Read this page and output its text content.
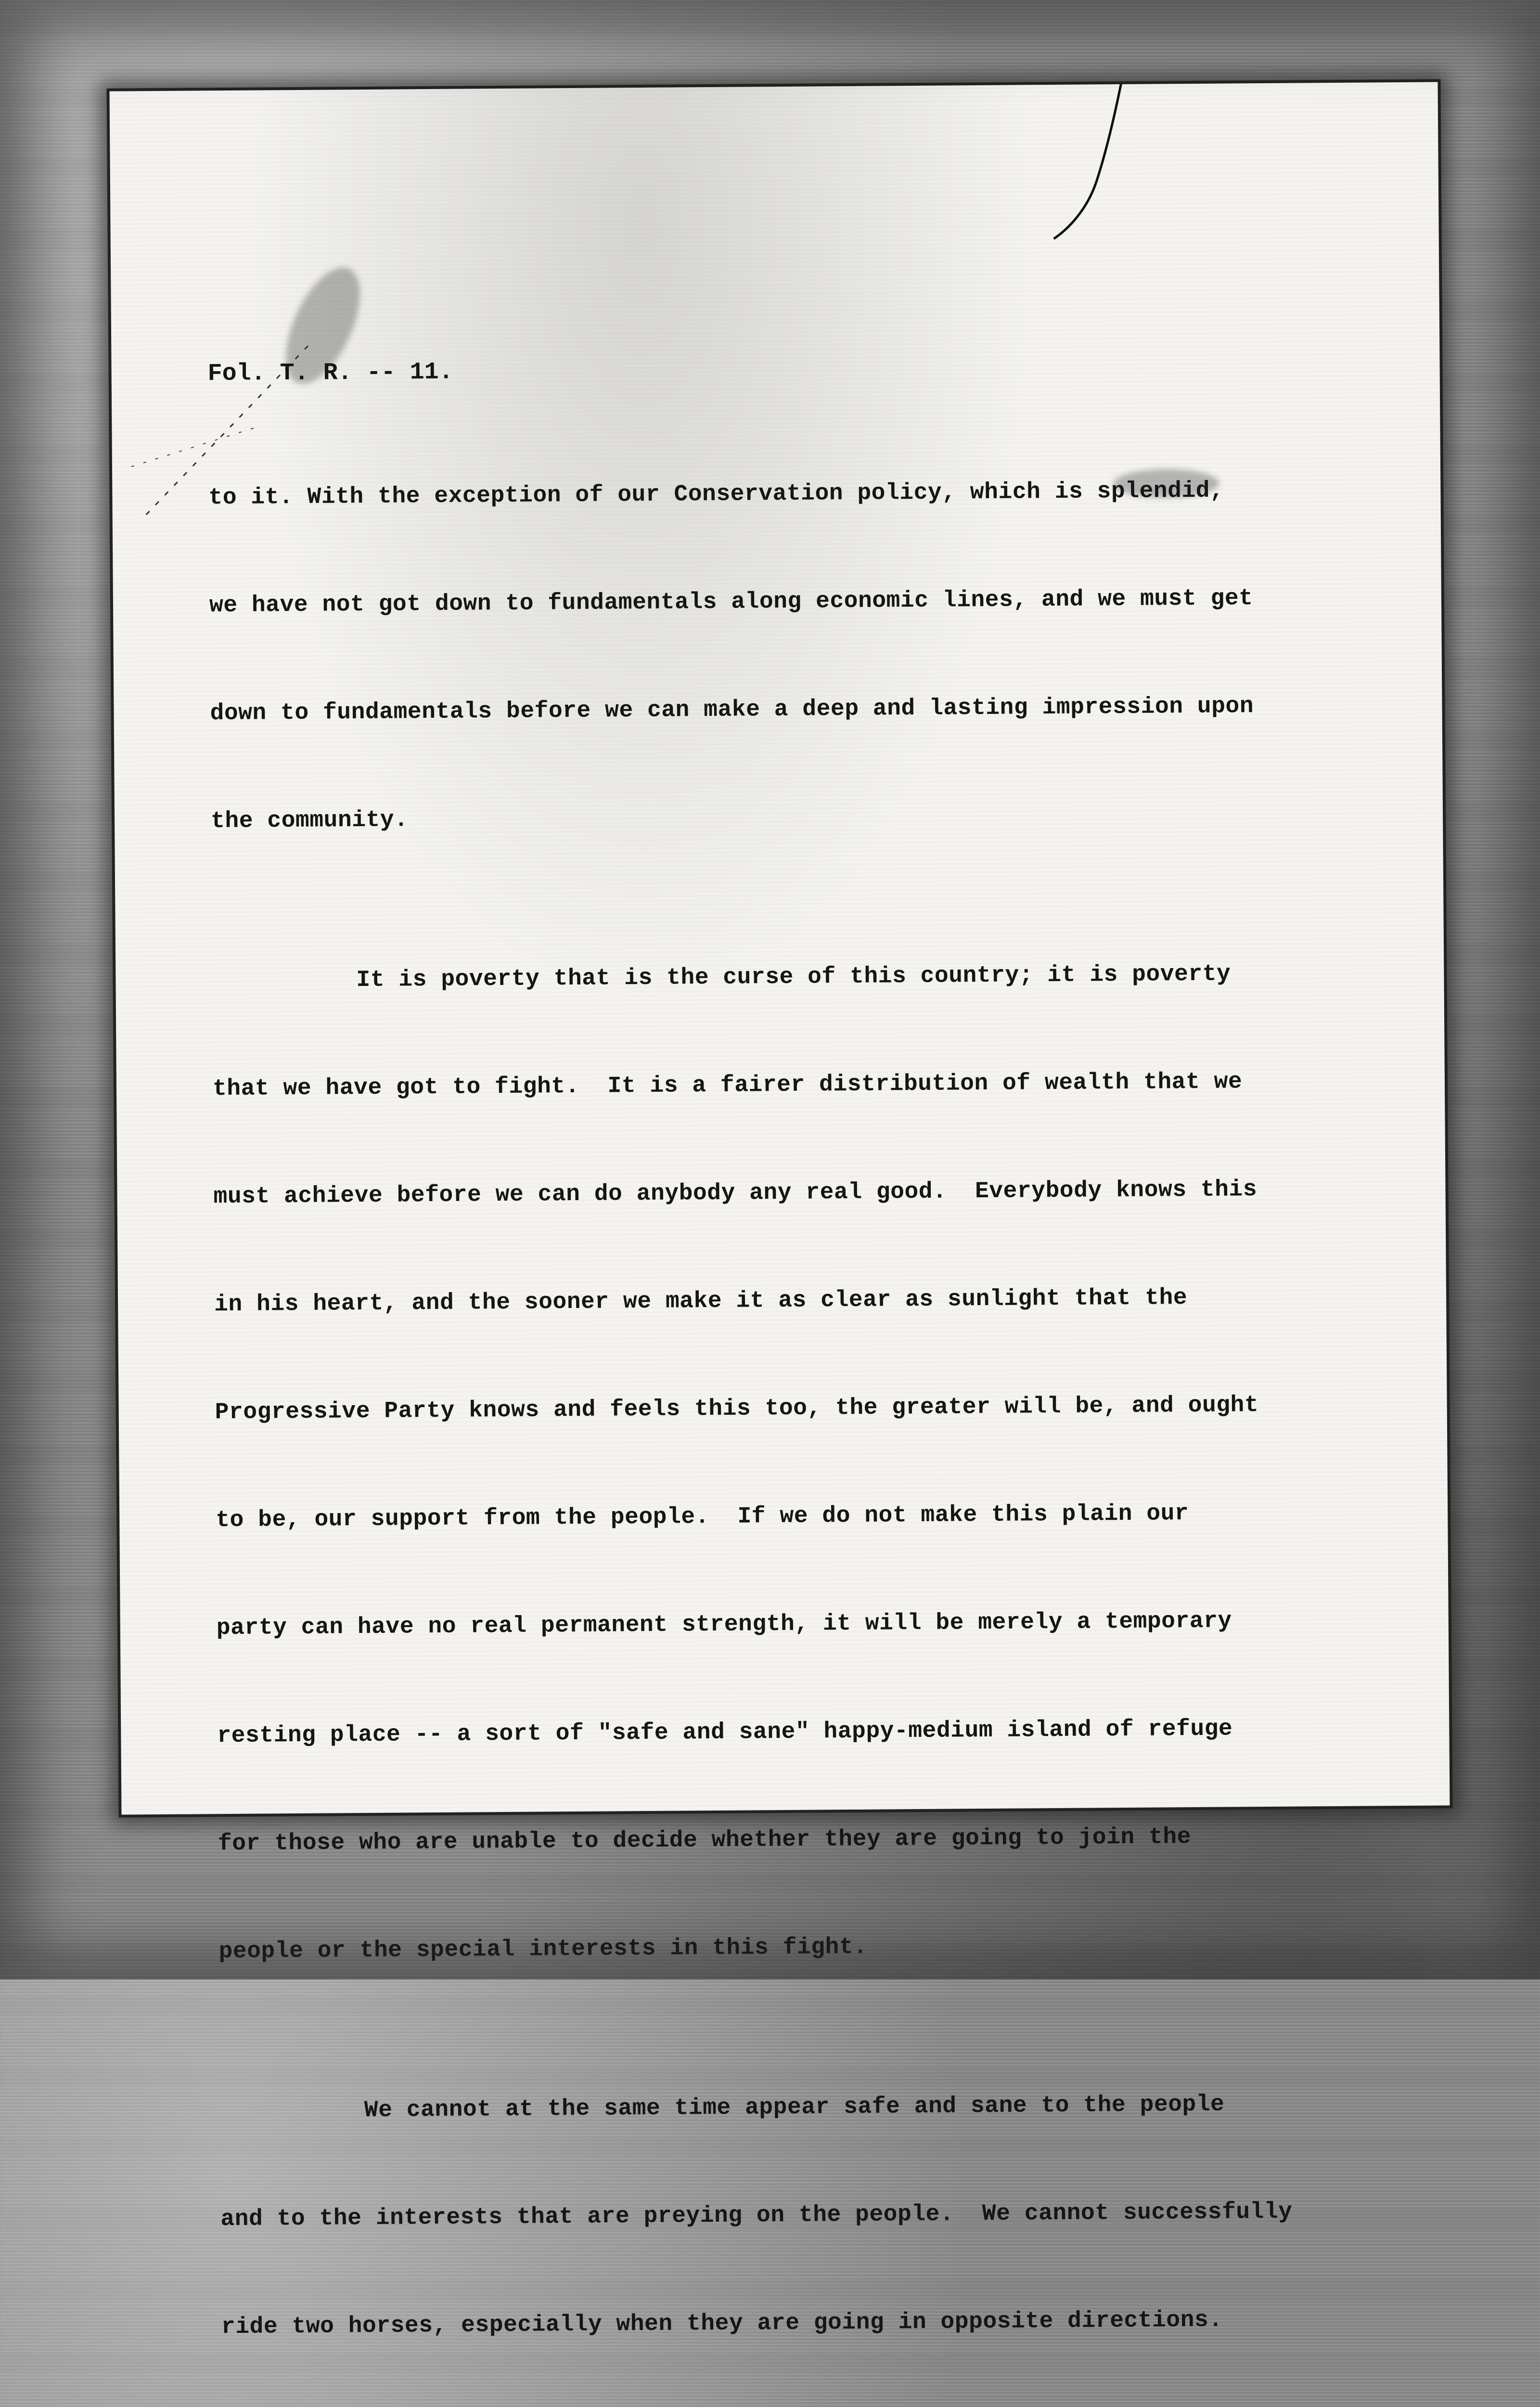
Fol. T. R. -- 11.

to it. With the exception of our Conservation policy, which is splendid,

we have not got down to fundamentals along economic lines, and we must get

down to fundamentals before we can make a deep and lasting impression upon

the community.

It is poverty that is the curse of this country; it is poverty

that we have got to fight.  It is a fairer distribution of wealth that we

must achieve before we can do anybody any real good.  Everybody knows this

in his heart, and the sooner we make it as clear as sunlight that the

Progressive Party knows and feels this too, the greater will be, and ought

to be, our support from the people.  If we do not make this plain our

party can have no real permanent strength, it will be merely a temporary

resting place -- a sort of "safe and sane" happy-medium island of refuge

for those who are unable to decide whether they are going to join the

people or the special interests in this fight.

We cannot at the same time appear safe and sane to the people

and to the interests that are preying on the people.  We cannot successfully

ride two horses, especially when they are going in opposite directions.
